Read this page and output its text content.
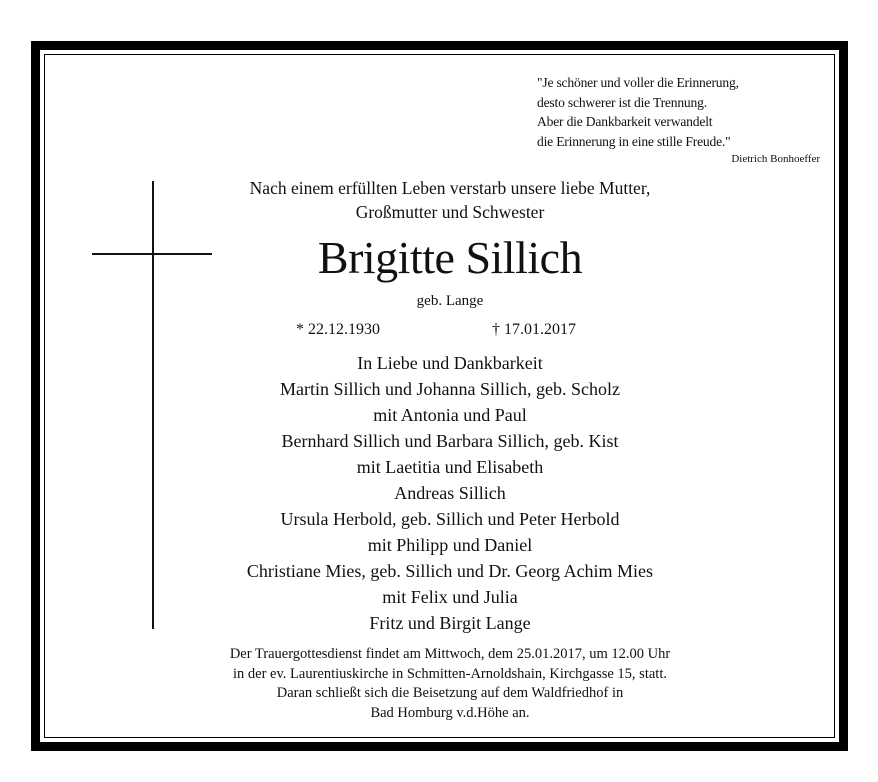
"Je schöner und voller die Erinnerung,
desto schwerer ist die Trennung.
Aber die Dankbarkeit verwandelt
die Erinnerung in eine stille Freude."
Dietrich Bonhoeffer
Nach einem erfüllten Leben verstarb unsere liebe Mutter,
Großmutter und Schwester
Brigitte Sillich
geb. Lange
* 22.12.1930	† 17.01.2017
In Liebe und Dankbarkeit
Martin Sillich und Johanna Sillich, geb. Scholz
mit Antonia und Paul
Bernhard Sillich und Barbara Sillich, geb. Kist
mit Laetitia und Elisabeth
Andreas Sillich
Ursula Herbold, geb. Sillich und Peter Herbold
mit Philipp und Daniel
Christiane Mies, geb. Sillich und Dr. Georg Achim Mies
mit Felix und Julia
Fritz und Birgit Lange
Der Trauergottesdienst findet am Mittwoch, dem 25.01.2017, um 12.00 Uhr
in der ev. Laurentiuskirche in Schmitten-Arnoldshain, Kirchgasse 15, statt.
Daran schließt sich die Beisetzung auf dem Waldfriedhof in
Bad Homburg v.d.Höhe an.
